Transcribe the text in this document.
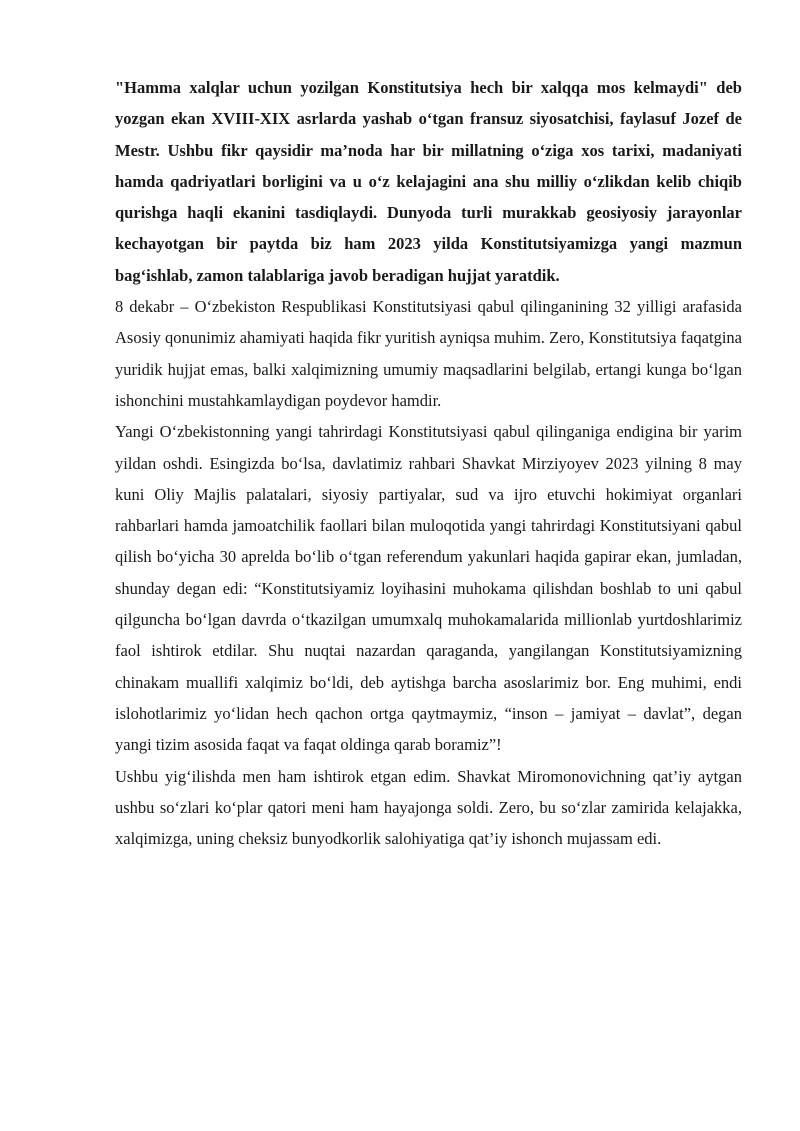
"Hamma xalqlar uchun yozilgan Konstitutsiya hech bir xalqqa mos kelmaydi" deb yozgan ekan XVIII-XIX asrlarda yashab o‘tgan fransuz siyosatchisi, faylasuf Jozef de Mestr. Ushbu fikr qaysidir ma’noda har bir millatning o‘ziga xos tarixi, madaniyati hamda qadriyatlari borligini va u o‘z kelajagini ana shu milliy o‘zlikdan kelib chiqib qurishga haqli ekanini tasdiqlaydi. Dunyoda turli murakkab geosiyosiy jarayonlar kechayotgan bir paytda biz ham 2023 yilda Konstitutsiyamizga yangi mazmun bag‘ishlab, zamon talablariga javob beradigan hujjat yaratdik.

8 dekabr – O‘zbekiston Respublikasi Konstitutsiyasi qabul qilinganining 32 yilligi arafasida Asosiy qonunimiz ahamiyati haqida fikr yuritish ayniqsa muhim. Zero, Konstitutsiya faqatgina yuridik hujjat emas, balki xalqimizning umumiy maqsadlarini belgilab, ertangi kunga bo‘lgan ishonchini mustahkamlaydigan poydevor hamdir.

Yangi O‘zbekistonning yangi tahrirdagi Konstitutsiyasi qabul qilinganiga endigina bir yarim yildan oshdi. Esingizda bo‘lsa, davlatimiz rahbari Shavkat Mirziyoyev 2023 yilning 8 may kuni Oliy Majlis palatalari, siyosiy partiyalar, sud va ijro etuvchi hokimiyat organlari rahbarlari hamda jamoatchilik faollari bilan muloqotida yangi tahrirdagi Konstitutsiyani qabul qilish bo‘yicha 30 aprelda bo‘lib o‘tgan referendum yakunlari haqida gapirar ekan, jumladan, shunday degan edi: “Konstitutsiyamiz loyihasini muhokama qilishdan boshlab to uni qabul qilguncha bo‘lgan davrda o‘tkazilgan umumxalq muhokamalarida millionlab yurtdoshlarimiz faol ishtirok etdilar. Shu nuqtai nazardan qaraganda, yangilangan Konstitutsiyamizning chinakam muallifi xalqimiz bo‘ldi, deb aytishga barcha asoslarimiz bor. Eng muhimi, endi islohotlarimiz yo‘lidan hech qachon ortga qaytmaymiz, “inson – jamiyat – davlat”, degan yangi tizim asosida faqat va faqat oldinga qarab boramiz”!

Ushbu yig‘ilishda men ham ishtirok etgan edim. Shavkat Miromonovichning qat’iy aytgan ushbu so‘zlari ko‘plar qatori meni ham hayajonga soldi. Zero, bu so‘zlar zamirida kelajakka, xalqimizga, uning cheksiz bunyodkorlik salohiyatiga qat’iy ishonch mujassam edi.
